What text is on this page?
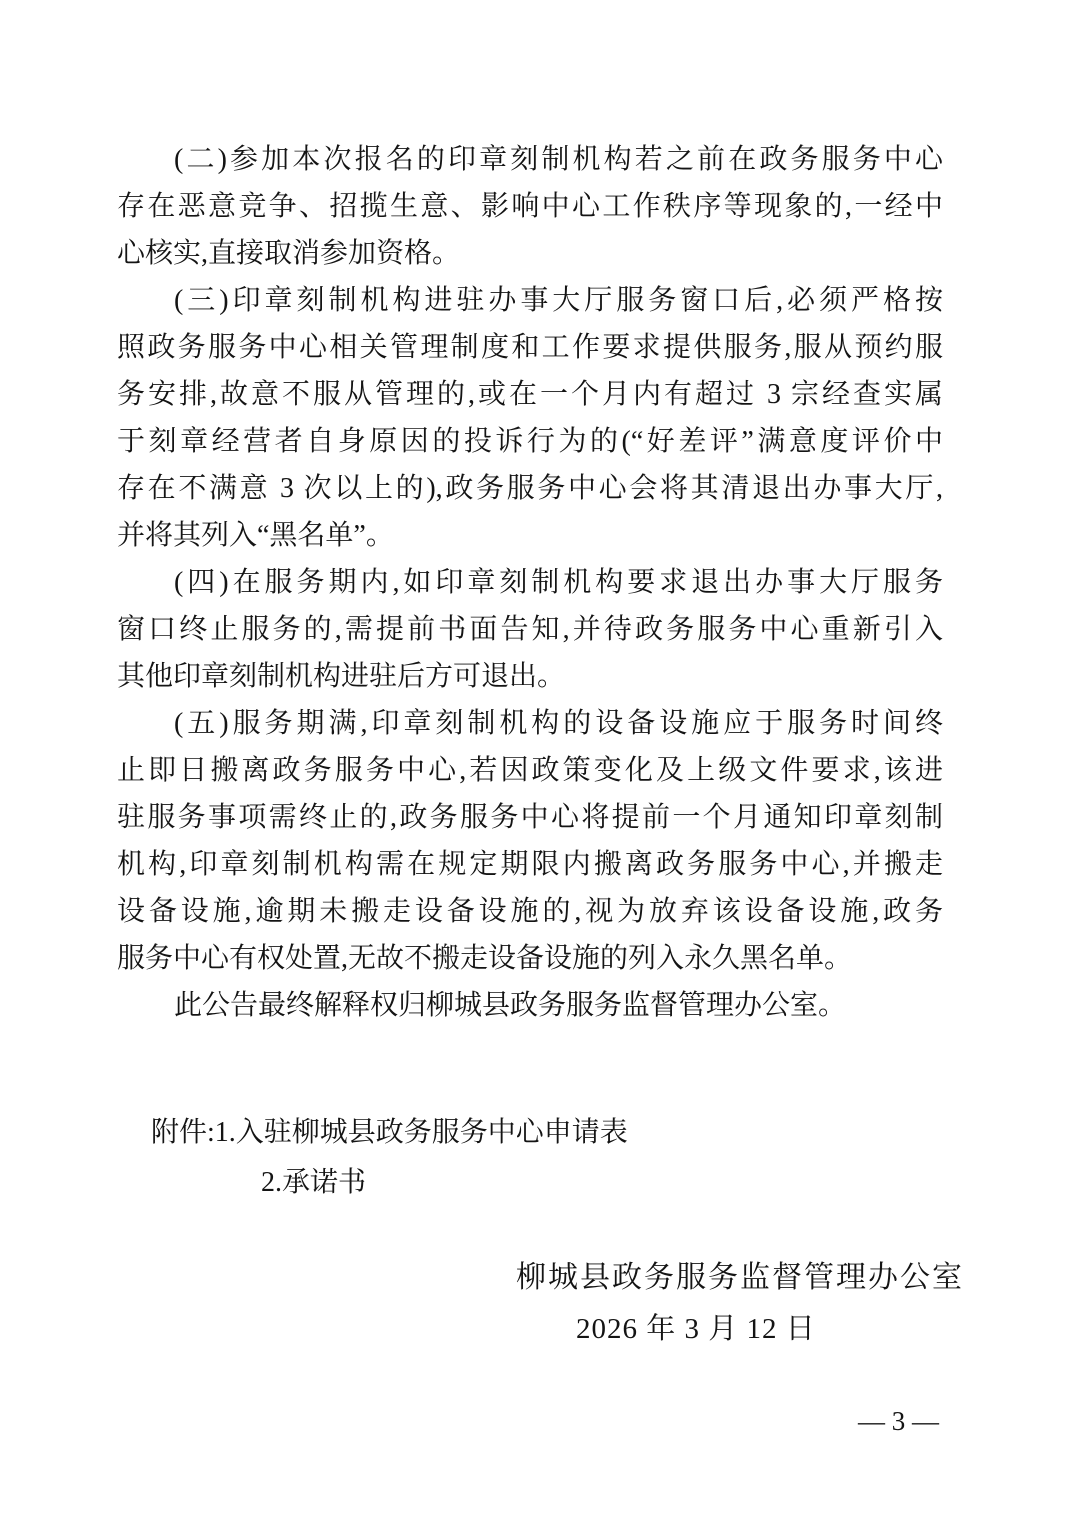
(二)参加本次报名的印章刻制机构若之前在政务服务中心
存在恶意竞争、招揽生意、影响中心工作秩序等现象的,一经中
心核实,直接取消参加资格。
(三)印章刻制机构进驻办事大厅服务窗口后,必须严格按
照政务服务中心相关管理制度和工作要求提供服务,服从预约服
务安排,故意不服从管理的,或在一个月内有超过 3 宗经查实属
于刻章经营者自身原因的投诉行为的(“好差评”满意度评价中
存在不满意 3 次以上的),政务服务中心会将其清退出办事大厅,
并将其列入“黑名单”。
(四)在服务期内,如印章刻制机构要求退出办事大厅服务
窗口终止服务的,需提前书面告知,并待政务服务中心重新引入
其他印章刻制机构进驻后方可退出。
(五)服务期满,印章刻制机构的设备设施应于服务时间终
止即日搬离政务服务中心,若因政策变化及上级文件要求,该进
驻服务事项需终止的,政务服务中心将提前一个月通知印章刻制
机构,印章刻制机构需在规定期限内搬离政务服务中心,并搬走
设备设施,逾期未搬走设备设施的,视为放弃该设备设施,政务
服务中心有权处置,无故不搬走设备设施的列入永久黑名单。
此公告最终解释权归柳城县政务服务监督管理办公室。
附件:1.入驻柳城县政务服务中心申请表
2.承诺书
柳城县政务服务监督管理办公室
2026 年 3 月 12 日
— 3 —
